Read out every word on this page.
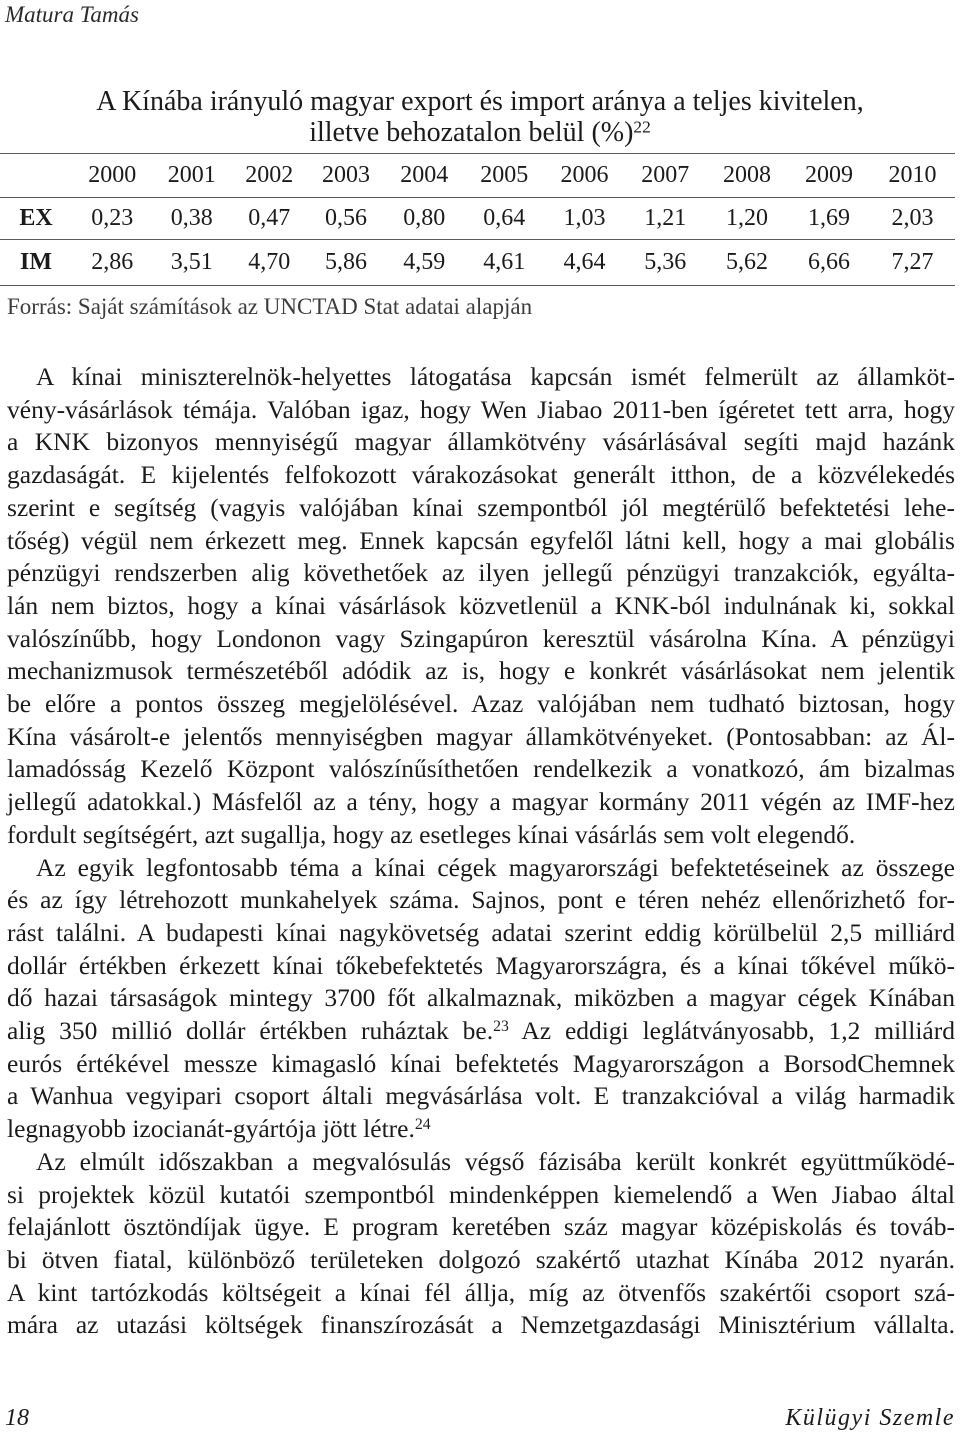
Matura Tamás
A Kínába irányuló magyar export és import aránya a teljes kivitelen,
illetve behozatalon belül (%)$^{22}$
2000	2001	2002	2003	2004	2005	2006	2007	2008	2009	2010
EX	0,23	0,38	0,47	0,56	0,80	0,64	1,03	1,21	1,20	1,69	2,03
IM	2,86	3,51	4,70	5,86	4,59	4,61	4,64	5,36	5,62	6,66	7,27
Forrás: Saját számítások az UNCTAD Stat adatai alapján
A kínai miniszterelnök-helyettes látogatása kapcsán ismét felmerült az államköt-
vény-vásárlások témája. Valóban igaz, hogy Wen Jiabao 2011-ben ígéretet tett arra, hogy
a KNK bizonyos mennyiségű magyar államkötvény vásárlásával segíti majd hazánk
gazdaságát. E kijelentés felfokozott várakozásokat generált itthon, de a közvélekedés
szerint e segítség (vagyis valójában kínai szempontból jól megtérülő befektetési lehe-
tőség) végül nem érkezett meg. Ennek kapcsán egyfelől látni kell, hogy a mai globális
pénzügyi rendszerben alig követhetőek az ilyen jellegű pénzügyi tranzakciók, egyálta-
lán nem biztos, hogy a kínai vásárlások közvetlenül a KNK-ból indulnának ki, sokkal
valószínűbb, hogy Londonon vagy Szingapúron keresztül vásárolna Kína. A pénzügyi
mechanizmusok természetéből adódik az is, hogy e konkrét vásárlásokat nem jelentik
be előre a pontos összeg megjelölésével. Azaz valójában nem tudható biztosan, hogy
Kína vásárolt-e jelentős mennyiségben magyar államkötvényeket. (Pontosabban: az Ál-
lamadósság Kezelő Központ valószínűsíthetően rendelkezik a vonatkozó, ám bizalmas
jellegű adatokkal.) Másfelől az a tény, hogy a magyar kormány 2011 végén az IMF-hez
fordult segítségért, azt sugallja, hogy az esetleges kínai vásárlás sem volt elegendő.
Az egyik legfontosabb téma a kínai cégek magyarországi befektetéseinek az összege
és az így létrehozott munkahelyek száma. Sajnos, pont e téren nehéz ellenőrizhető for-
rást találni. A budapesti kínai nagykövetség adatai szerint eddig körülbelül 2,5 milliárd
dollár értékben érkezett kínai tőkebefektetés Magyarországra, és a kínai tőkével műkö-
dő hazai társaságok mintegy 3700 főt alkalmaznak, miközben a magyar cégek Kínában
alig 350 millió dollár értékben ruháztak be.$^{23}$ Az eddigi leglátványosabb, 1,2 milliárd
eurós értékével messze kimagasló kínai befektetés Magyarországon a BorsodChemnek
a Wanhua vegyipari csoport általi megvásárlása volt. E tranzakcióval a világ harmadik
legnagyobb izocianát-gyártója jött létre.$^{24}$
Az elmúlt időszakban a megvalósulás végső fázisába került konkrét együttműködé-
si projektek közül kutatói szempontból mindenképpen kiemelendő a Wen Jiabao által
felajánlott ösztöndíjak ügye. E program keretében száz magyar középiskolás és továb-
bi ötven fiatal, különböző területeken dolgozó szakértő utazhat Kínába 2012 nyarán.
A kint tartózkodás költségeit a kínai fél állja, míg az ötvenfős szakértői csoport szá-
mára az utazási költségek finanszírozását a Nemzetgazdasági Minisztérium vállalta.
18	Külügyi Szemle
